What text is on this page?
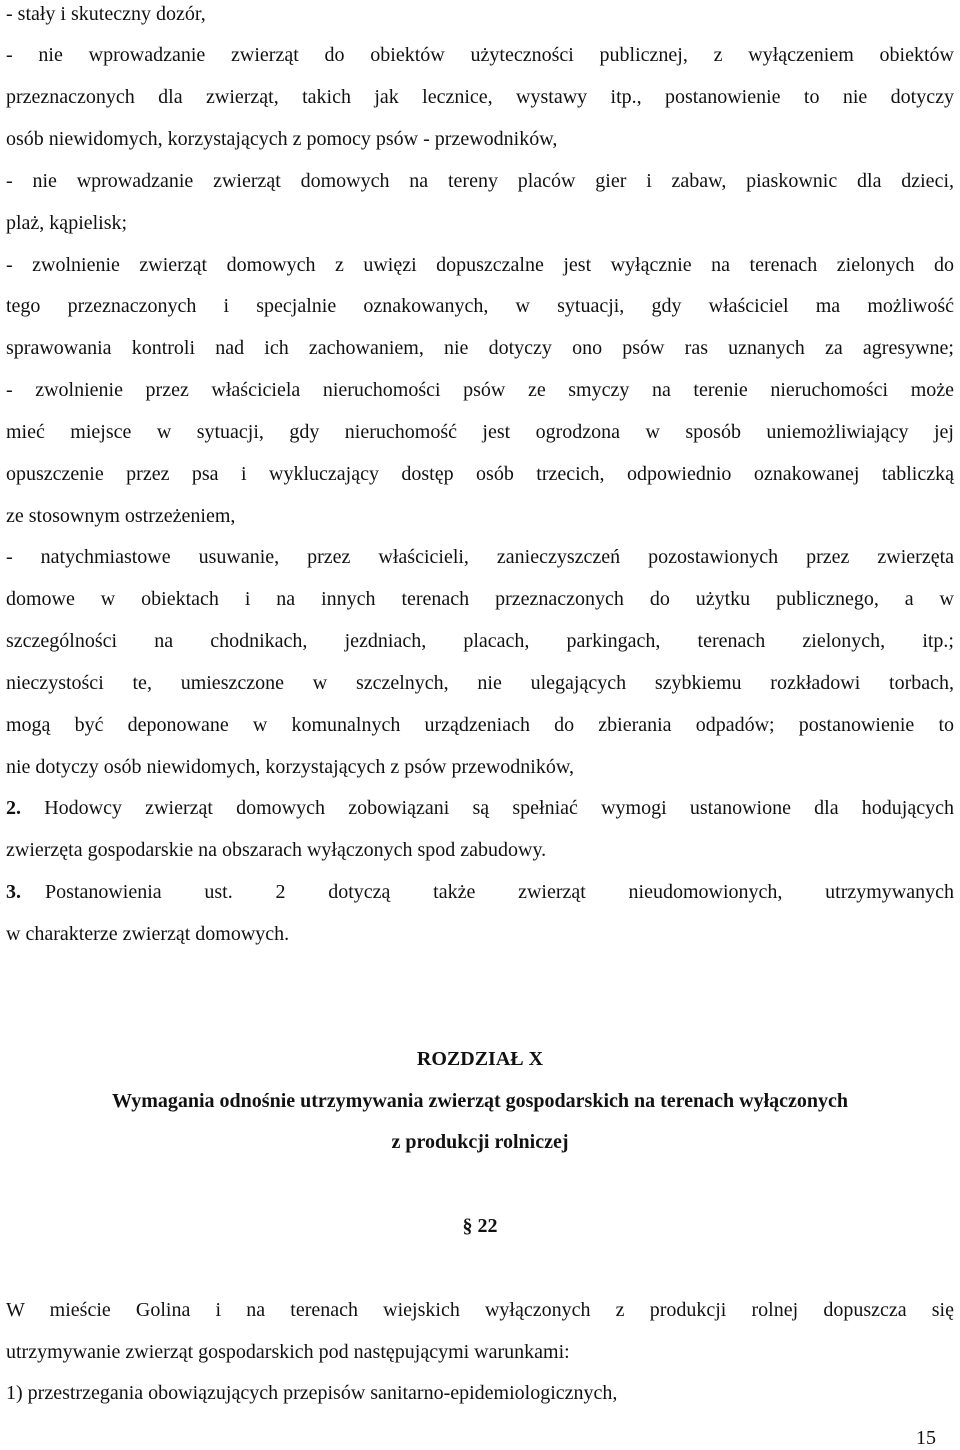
- stały i skuteczny dozór,
- nie wprowadzanie zwierząt do obiektów użyteczności publicznej, z wyłączeniem obiektów
przeznaczonych dla zwierząt, takich jak lecznice, wystawy itp., postanowienie to nie dotyczy
osób niewidomych, korzystających z pomocy psów - przewodników,
- nie wprowadzanie zwierząt domowych na tereny placów gier i zabaw, piaskownic dla dzieci,
plaż, kąpielisk;
- zwolnienie zwierząt domowych z uwięzi dopuszczalne jest wyłącznie na terenach zielonych do
tego przeznaczonych i specjalnie oznakowanych, w sytuacji, gdy właściciel ma możliwość
sprawowania kontroli nad ich zachowaniem, nie dotyczy ono psów ras uznanych za agresywne;
- zwolnienie przez właściciela nieruchomości psów ze smyczy na terenie nieruchomości może
mieć miejsce w sytuacji, gdy nieruchomość jest ogrodzona w sposób uniemożliwiający jej
opuszczenie przez psa i wykluczający dostęp osób trzecich, odpowiednio oznakowanej tabliczką
ze stosownym ostrzeżeniem,
- natychmiastowe usuwanie, przez właścicieli, zanieczyszczeń pozostawionych przez zwierzęta
domowe w obiektach i na innych terenach przeznaczonych do użytku publicznego, a w
szczególności na chodnikach, jezdniach, placach, parkingach, terenach zielonych, itp.;
nieczystości te, umieszczone w szczelnych, nie ulegających szybkiemu rozkładowi torbach,
mogą być deponowane w komunalnych urządzeniach do zbierania odpadów; postanowienie to
nie dotyczy osób niewidomych, korzystających z psów przewodników,
2. Hodowcy zwierząt domowych zobowiązani są spełniać wymogi ustanowione dla hodujących
zwierzęta gospodarskie na obszarach wyłączonych spod zabudowy.
3. Postanowienia ust. 2 dotyczą także zwierząt nieudomowionych, utrzymywanych
w charakterze zwierząt domowych.
ROZDZIAŁ X
Wymagania odnośnie utrzymywania zwierząt gospodarskich na terenach wyłączonych
z produkcji rolniczej
§ 22
W mieście Golina i na terenach wiejskich wyłączonych z produkcji rolnej dopuszcza się
utrzymywanie zwierząt gospodarskich pod następującymi warunkami:
1) przestrzegania obowiązujących przepisów sanitarno-epidemiologicznych,
15
